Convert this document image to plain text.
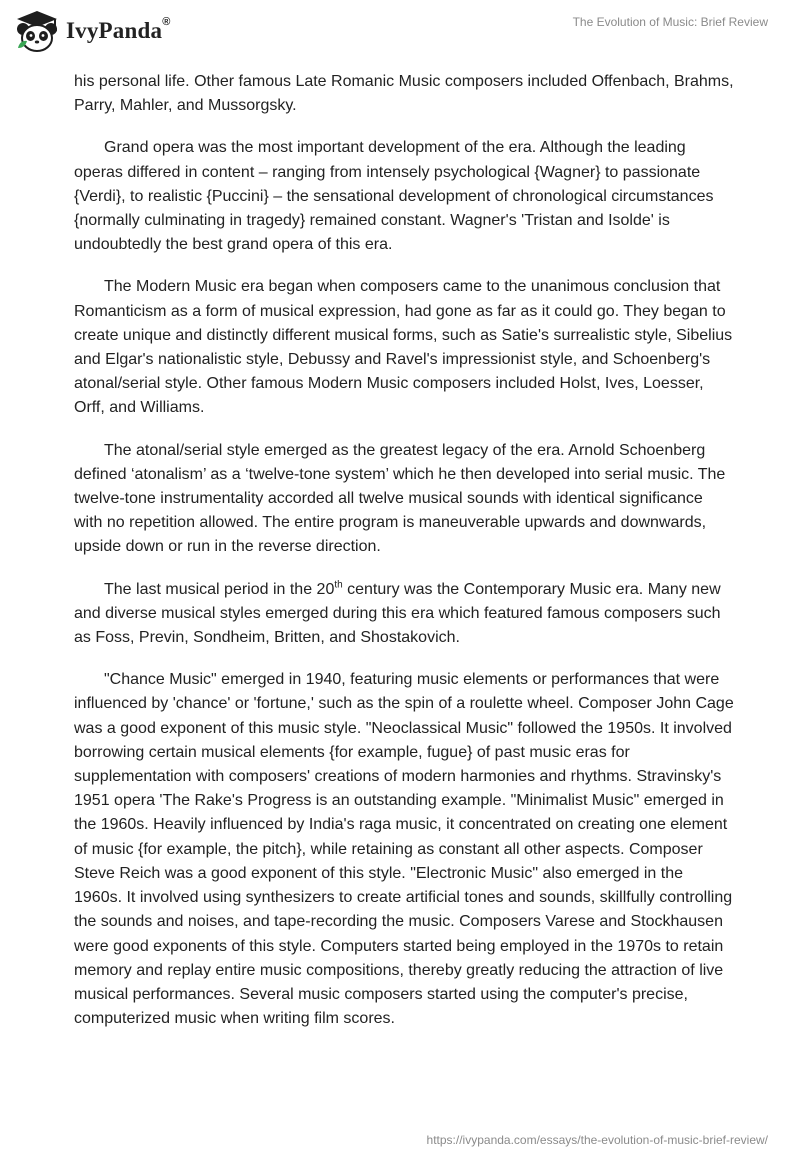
IvyPanda®	The Evolution of Music: Brief Review

his personal life. Other famous Late Romanic Music composers included Offenbach, Brahms, Parry, Mahler, and Mussorgsky.

Grand opera was the most important development of the era. Although the leading operas differed in content – ranging from intensely psychological {Wagner} to passionate {Verdi}, to realistic {Puccini} – the sensational development of chronological circumstances {normally culminating in tragedy} remained constant. Wagner's 'Tristan and Isolde' is undoubtedly the best grand opera of this era.

The Modern Music era began when composers came to the unanimous conclusion that Romanticism as a form of musical expression, had gone as far as it could go. They began to create unique and distinctly different musical forms, such as Satie's surrealistic style, Sibelius and Elgar's nationalistic style, Debussy and Ravel's impressionist style, and Schoenberg's atonal/serial style. Other famous Modern Music composers included Holst, Ives, Loesser, Orff, and Williams.

The atonal/serial style emerged as the greatest legacy of the era. Arnold Schoenberg defined ‘atonalism’ as a ‘twelve-tone system’ which he then developed into serial music. The twelve-tone instrumentality accorded all twelve musical sounds with identical significance with no repetition allowed. The entire program is maneuverable upwards and downwards, upside down or run in the reverse direction.

The last musical period in the 20th century was the Contemporary Music era. Many new and diverse musical styles emerged during this era which featured famous composers such as Foss, Previn, Sondheim, Britten, and Shostakovich.

"Chance Music" emerged in 1940, featuring music elements or performances that were influenced by 'chance' or 'fortune,' such as the spin of a roulette wheel. Composer John Cage was a good exponent of this music style. "Neoclassical Music" followed the 1950s. It involved borrowing certain musical elements {for example, fugue} of past music eras for supplementation with composers' creations of modern harmonies and rhythms. Stravinsky's 1951 opera 'The Rake's Progress is an outstanding example. "Minimalist Music" emerged in the 1960s. Heavily influenced by India's raga music, it concentrated on creating one element of music {for example, the pitch}, while retaining as constant all other aspects. Composer Steve Reich was a good exponent of this style. "Electronic Music" also emerged in the 1960s. It involved using synthesizers to create artificial tones and sounds, skillfully controlling the sounds and noises, and tape-recording the music. Composers Varese and Stockhausen were good exponents of this style. Computers started being employed in the 1970s to retain memory and replay entire music compositions, thereby greatly reducing the attraction of live musical performances. Several music composers started using the computer's precise, computerized music when writing film scores.

https://ivypanda.com/essays/the-evolution-of-music-brief-review/
